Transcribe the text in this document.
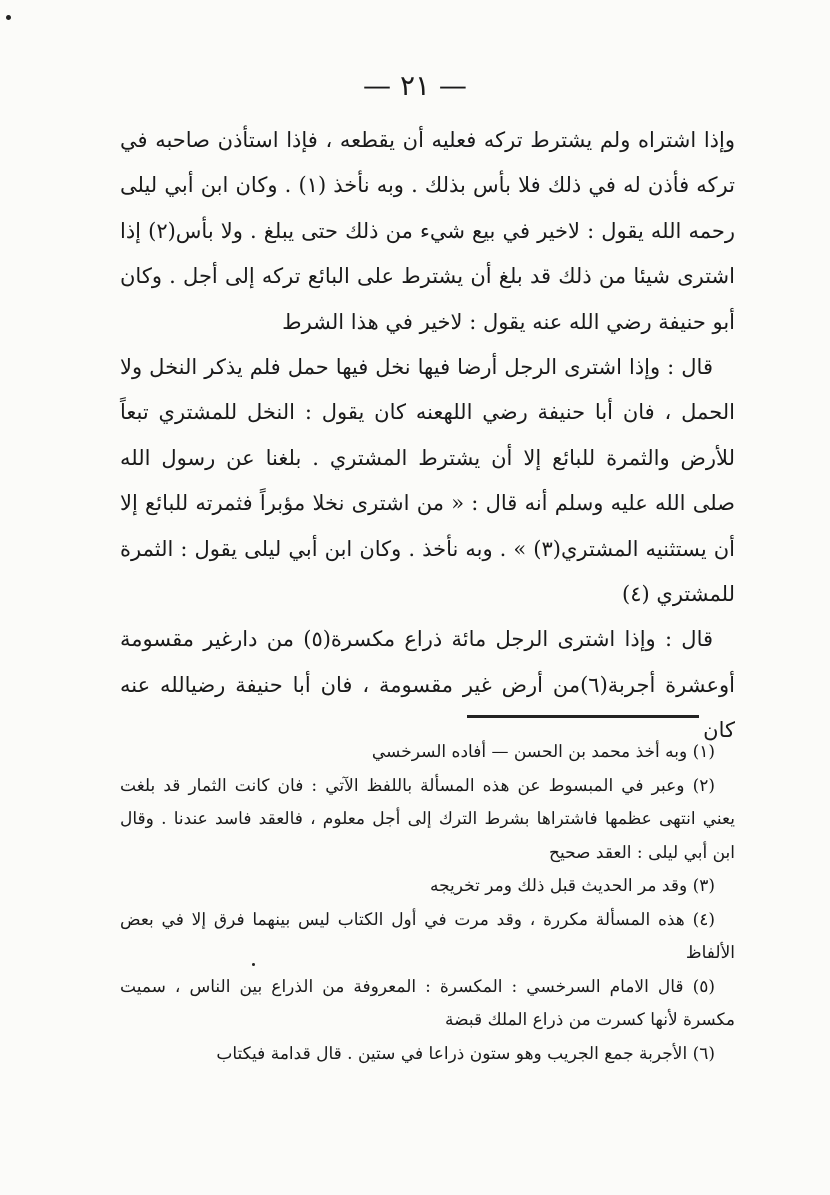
— ٢١ —

وإذا اشتراه ولم يشترط تركه فعليه أن يقطعه ، فإذا استأذن صاحبه في تركه فأذن له في ذلك فلا بأس بذلك . وبه نأخذ (١) . وكان ابن أبي ليلى رحمه الله يقول : لاخير في بيع شيء من ذلك حتى يبلغ . ولا بأس(٢) إذا اشترى شيئا من ذلك قد بلغ أن يشترط على البائع تركه إلى أجل . وكان أبو حنيفة رضي الله عنه يقول : لاخير في هذا الشرط

قال : وإذا اشترى الرجل أرضا فيها نخل فيها حمل فلم يذكر النخل ولا الحمل ، فان أبا حنيفة رضي اللهعنه كان يقول : النخل للمشتري تبعاً للأرض والثمرة للبائع إلا أن يشترط المشتري . بلغنا عن رسول الله صلى الله عليه وسلم أنه قال : « من اشترى نخلا مؤبراً فثمرته للبائع إلا أن يستثنيه المشتري(٣) » . وبه نأخذ . وكان ابن أبي ليلى يقول : الثمرة للمشتري (٤)

قال : وإذا اشترى الرجل مائة ذراع مكسرة(٥) من دارغير مقسومة أوعشرة أجربة(٦)من أرض غير مقسومة ، فان أبا حنيفة رضيالله عنه كان

(١) وبه أخذ محمد بن الحسن — أفاده السرخسي

(٢) وعبر في المبسوط عن هذه المسألة باللفظ الآتي : فان كانت الثمار قد بلغت يعني انتهى عظمها فاشتراها بشرط الترك إلى أجل معلوم ، فالعقد فاسد عندنا . وقال ابن أبي ليلى : العقد صحيح

(٣) وقد مر الحديث قبل ذلك ومر تخريجه

(٤) هذه المسألة مكررة ، وقد مرت في أول الكتاب ليس بينهما فرق إلا في بعض الألفاظ

(٥) قال الامام السرخسي : المكسرة : المعروفة من الذراع بين الناس ، سميت مكسرة لأنها كسرت من ذراع الملك قبضة

(٦) الأجربة جمع الجريب وهو ستون ذراعا في ستين . قال قدامة فيكتاب
